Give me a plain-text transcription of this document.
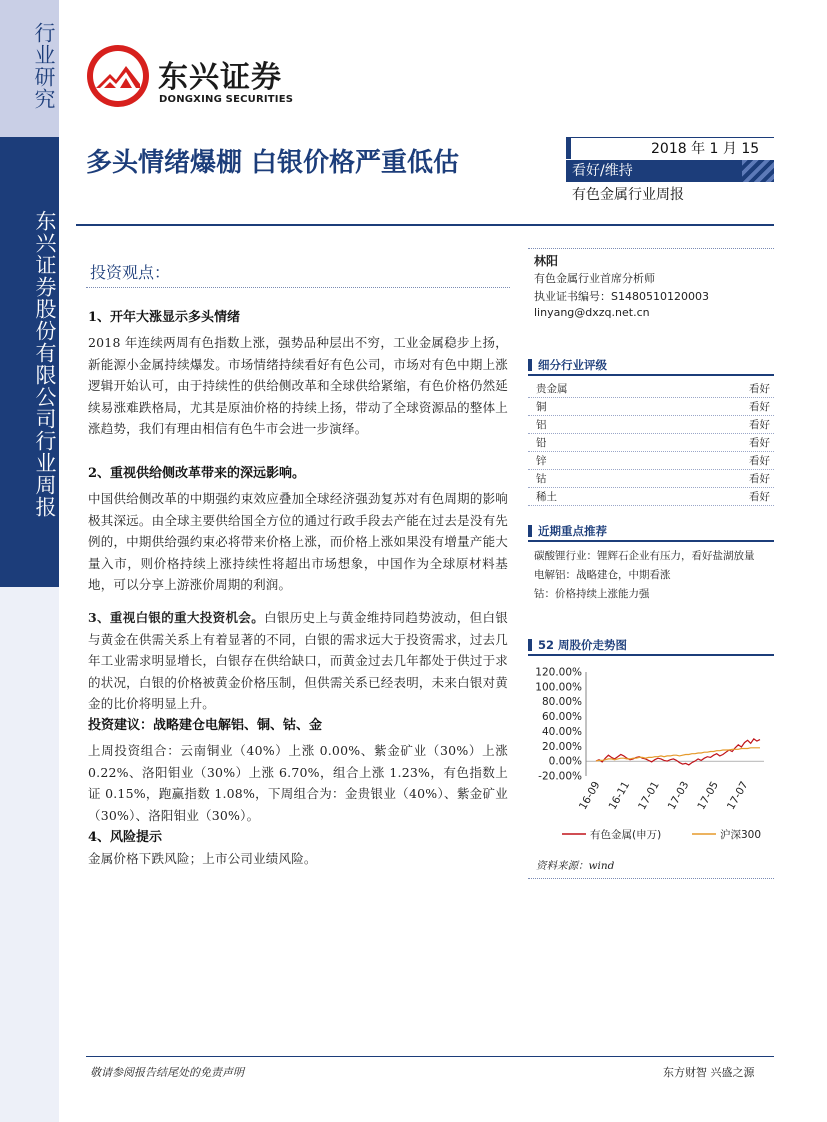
行业研究
东兴证券股份有限公司行业周报
东兴证券
DONGXING SECURITIES
多头情绪爆棚 白银价格严重低估	2018 年 1 月 15
看好/维持
有色金属行业周报
投资观点：
1、开年大涨显示多头情绪
2018 年连续两周有色指数上涨，强势品种层出不穷，工业金属稳步上扬，新能源小金属持续爆发。市场情绪持续看好有色公司，市场对有色中期上涨逻辑开始认可，由于持续性的供给侧改革和全球供给紧缩，有色价格仍然延续易涨难跌格局，尤其是原油价格的持续上扬，带动了全球资源品的整体上涨趋势，我们有理由相信有色牛市会进一步演绎。
2、重视供给侧改革带来的深远影响。
中国供给侧改革的中期强约束效应叠加全球经济强劲复苏对有色周期的影响极其深远。由全球主要供给国全方位的通过行政手段去产能在过去是没有先例的，中期供给强约束必将带来价格上涨，而价格上涨如果没有增量产能大量入市，则价格持续上涨持续性将超出市场想象，中国作为全球原材料基地，可以分享上游涨价周期的利润。
3、重视白银的重大投资机会。白银历史上与黄金维持同趋势波动，但白银与黄金在供需关系上有着显著的不同，白银的需求远大于投资需求，过去几年工业需求明显增长，白银存在供给缺口，而黄金过去几年都处于供过于求的状况，白银的价格被黄金价格压制，但供需关系已经表明，未来白银对黄金的比价将明显上升。
投资建议：战略建仓电解铝、铜、钴、金
上周投资组合：云南铜业（40%）上涨 0.00%、紫金矿业（30%）上涨 0.22%、洛阳钼业（30%）上涨 6.70%，组合上涨 1.23%，有色指数上证 0.15%，跑赢指数 1.08%，下周组合为：金贵银业（40%）、紫金矿业（30%）、洛阳钼业（30%）。
4、风险提示
金属价格下跌风险；上市公司业绩风险。
林阳
有色金属行业首席分析师
执业证书编号：S1480510120003
linyang@dxzq.net.cn
细分行业评级
贵金属	看好
铜	看好
铝	看好
铅	看好
锌	看好
钴	看好
稀土	看好
近期重点推荐
碳酸锂行业：锂辉石企业有压力，看好盐湖放量
电解铝：战略建仓，中期看涨
钴：价格持续上涨能力强
52 周股价走势图
120.00%
100.00%
80.00%
60.00%
40.00%
20.00%
0.00%
-20.00%
16-09 16-11 17-01 17-03 17-05 17-07
有色金属(申万)	沪深300
资料来源：wind
敬请参阅报告结尾处的免责声明	东方财智 兴盛之源
